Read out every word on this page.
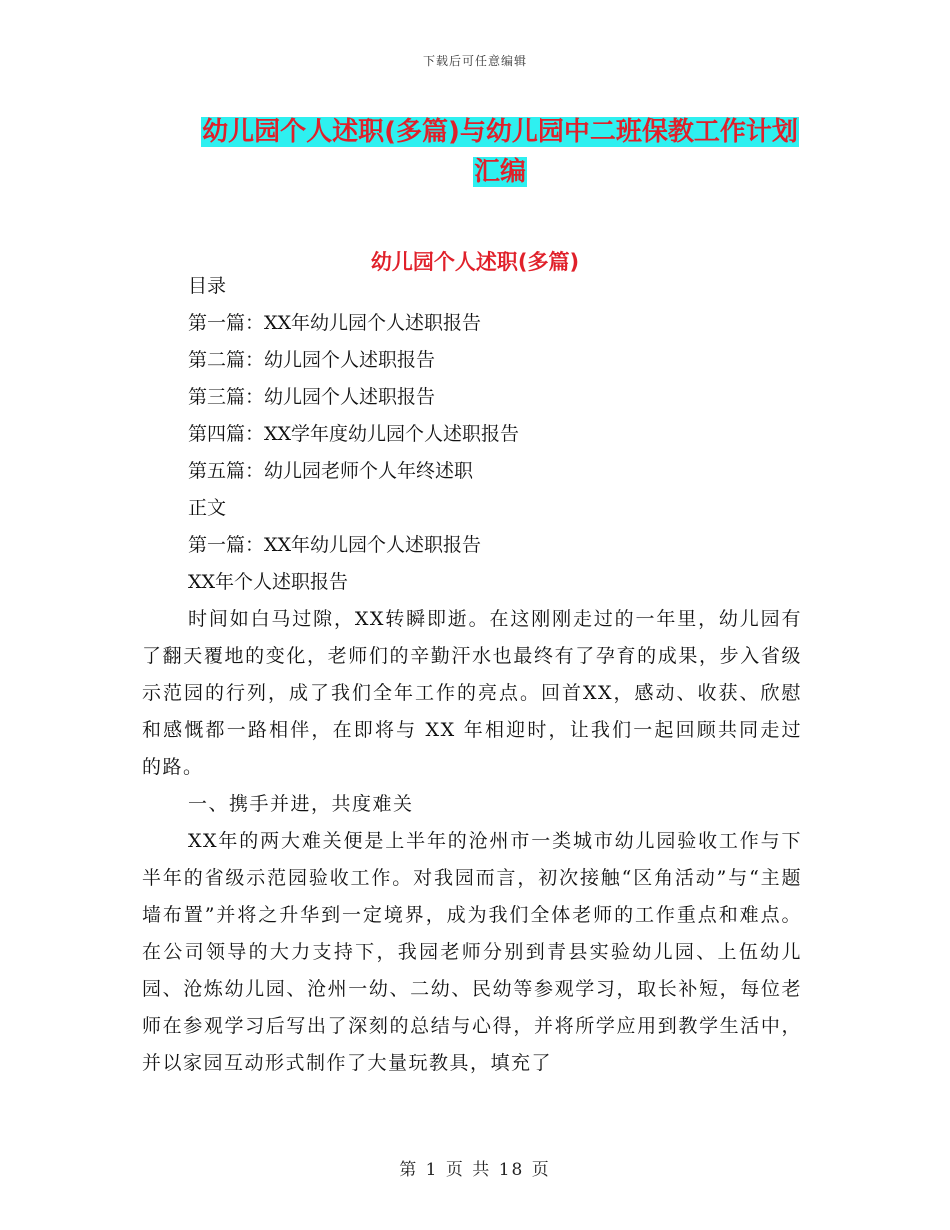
下载后可任意编辑
幼儿园个人述职(多篇)与幼儿园中二班保教工作计划
汇编
幼儿园个人述职(多篇)
目录
第一篇：XX年幼儿园个人述职报告
第二篇：幼儿园个人述职报告
第三篇：幼儿园个人述职报告
第四篇：XX学年度幼儿园个人述职报告
第五篇：幼儿园老师个人年终述职
正文
第一篇：XX年幼儿园个人述职报告
XX年个人述职报告

时间如白马过隙，XX转瞬即逝。在这刚刚走过的一年里，幼儿园有了翻天覆地的变化，老师们的辛勤汗水也最终有了孕育的成果，步入省级示范园的行列，成了我们全年工作的亮点。回首XX，感动、收获、欣慰和感慨都一路相伴，在即将与 XX 年相迎时，让我们一起回顾共同走过的路。

一、携手并进，共度难关

XX年的两大难关便是上半年的沧州市一类城市幼儿园验收工作与下半年的省级示范园验收工作。对我园而言，初次接触“区角活动”与“主题墙布置”并将之升华到一定境界，成为我们全体老师的工作重点和难点。在公司领导的大力支持下，我园老师分别到青县实验幼儿园、上伍幼儿园、沧炼幼儿园、沧州一幼、二幼、民幼等参观学习，取长补短，每位老师在参观学习后写出了深刻的总结与心得，并将所学应用到教学生活中，并以家园互动形式制作了大量玩教具，填充了

第 1 页 共 18 页
